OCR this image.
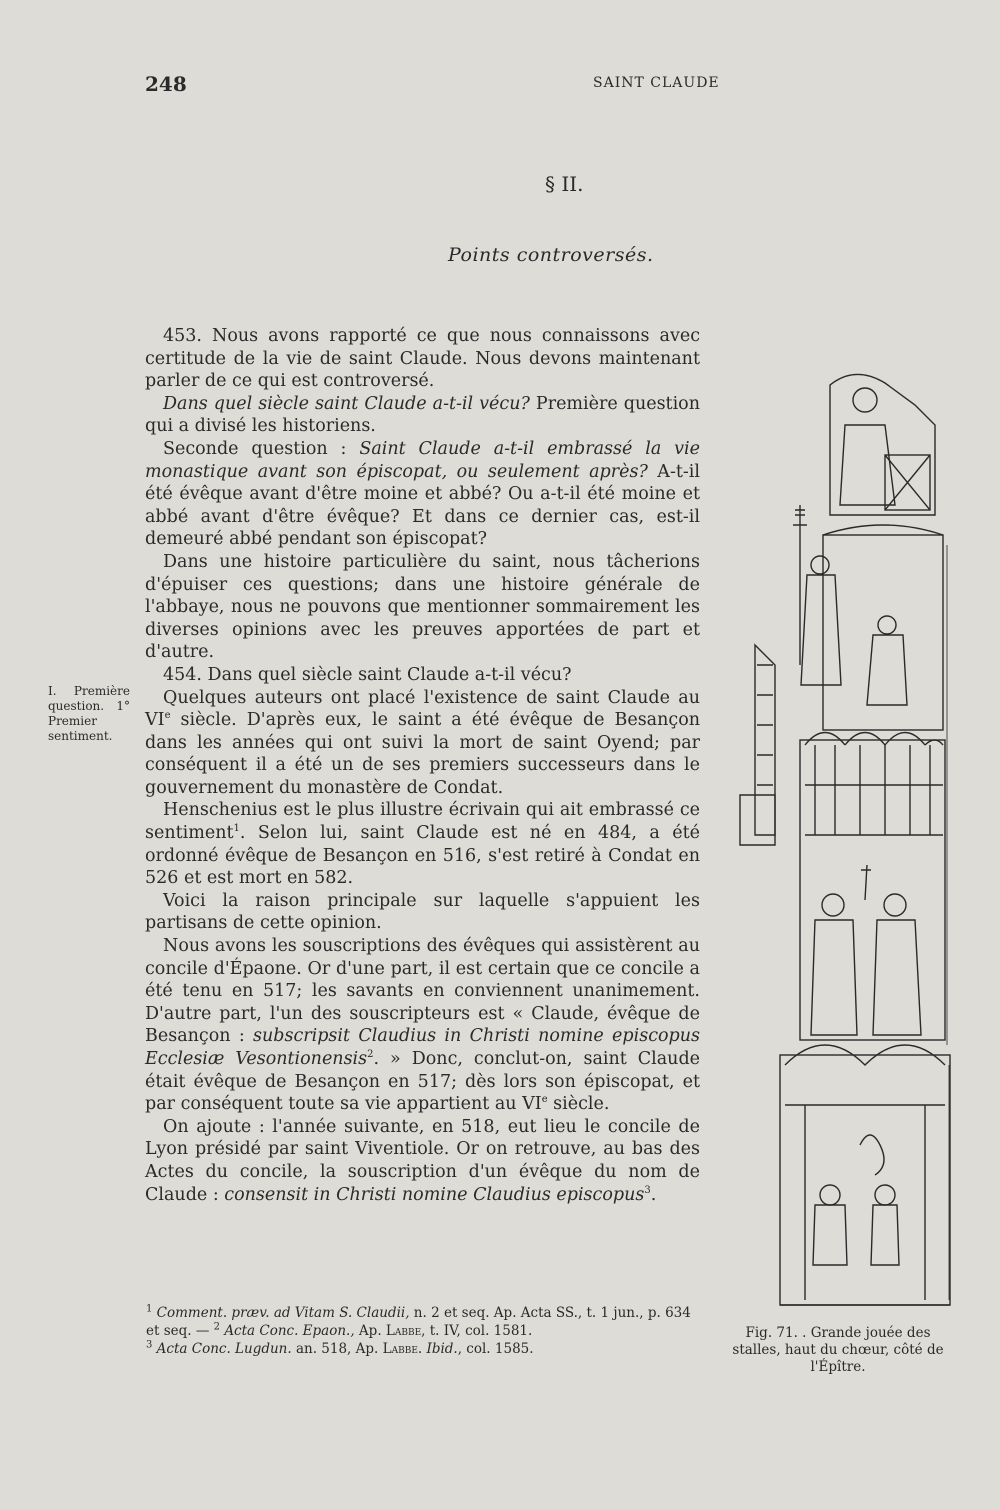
248	SAINT CLAUDE
§ II.
Points controversés.

453. Nous avons rapporté ce que nous connaissons avec certitude de la vie de saint Claude. Nous devons maintenant parler de ce qui est controversé.

Dans quel siècle saint Claude a-t-il vécu? Première question qui a divisé les historiens.

Seconde question : Saint Claude a-t-il embrassé la vie monastique avant son épiscopat, ou seulement après? A-t-il été évêque avant d'être moine et abbé? Ou a-t-il été moine et abbé avant d'être évêque? Et dans ce dernier cas, est-il demeuré abbé pendant son épiscopat?

Dans une histoire particulière du saint, nous tâcherions d'épuiser ces questions; dans une histoire générale de l'abbaye, nous ne pouvons que mentionner sommairement les diverses opinions avec les preuves apportées de part et d'autre.

454. Dans quel siècle saint Claude a-t-il vécu?

Quelques auteurs ont placé l'existence de saint Claude au VIe siècle. D'après eux, le saint a été évêque de Besançon dans les années qui ont suivi la mort de saint Oyend; par conséquent il a été un de ses premiers successeurs dans le gouvernement du monastère de Condat.

Henschenius est le plus illustre écrivain qui ait embrassé ce sentiment$^1$. Selon lui, saint Claude est né en 484, a été ordonné évêque de Besançon en 516, s'est retiré à Condat en 526 et est mort en 582.

Voici la raison principale sur laquelle s'appuient les partisans de cette opinion.

Nous avons les souscriptions des évêques qui assistèrent au concile d'Épaone. Or d'une part, il est certain que ce concile a été tenu en 517; les savants en conviennent unanimement. D'autre part, l'un des souscripteurs est « Claude, évêque de Besançon : subscripsit Claudius in Christi nomine episcopus Ecclesiæ Vesontionensis$^2$. » Donc, conclut-on, saint Claude était évêque de Besançon en 517; dès lors son épiscopat, et par conséquent toute sa vie appartient au VIe siècle.

On ajoute : l'année suivante, en 518, eut lieu le concile de Lyon présidé par saint Viventiole. Or on retrouve, au bas des Actes du concile, la souscription d'un évêque du nom de Claude : consensit in Christi nomine Claudius episcopus$^3$.

I. Première question. 1° Premier sentiment.
Fig. 71. . Grande jouée des stalles, haut du chœur, côté de l'Épître.

$^1$ Comment. præv. ad Vitam S. Claudii, n. 2 et seq. Ap. Acta SS., t. 1 jun., p. 634 et seq. — $^2$ Acta Conc. Epaon., Ap. Labbe, t. IV, col. 1581.

$^3$ Acta Conc. Lugdun. an. 518, Ap. Labbe. Ibid., col. 1585.
